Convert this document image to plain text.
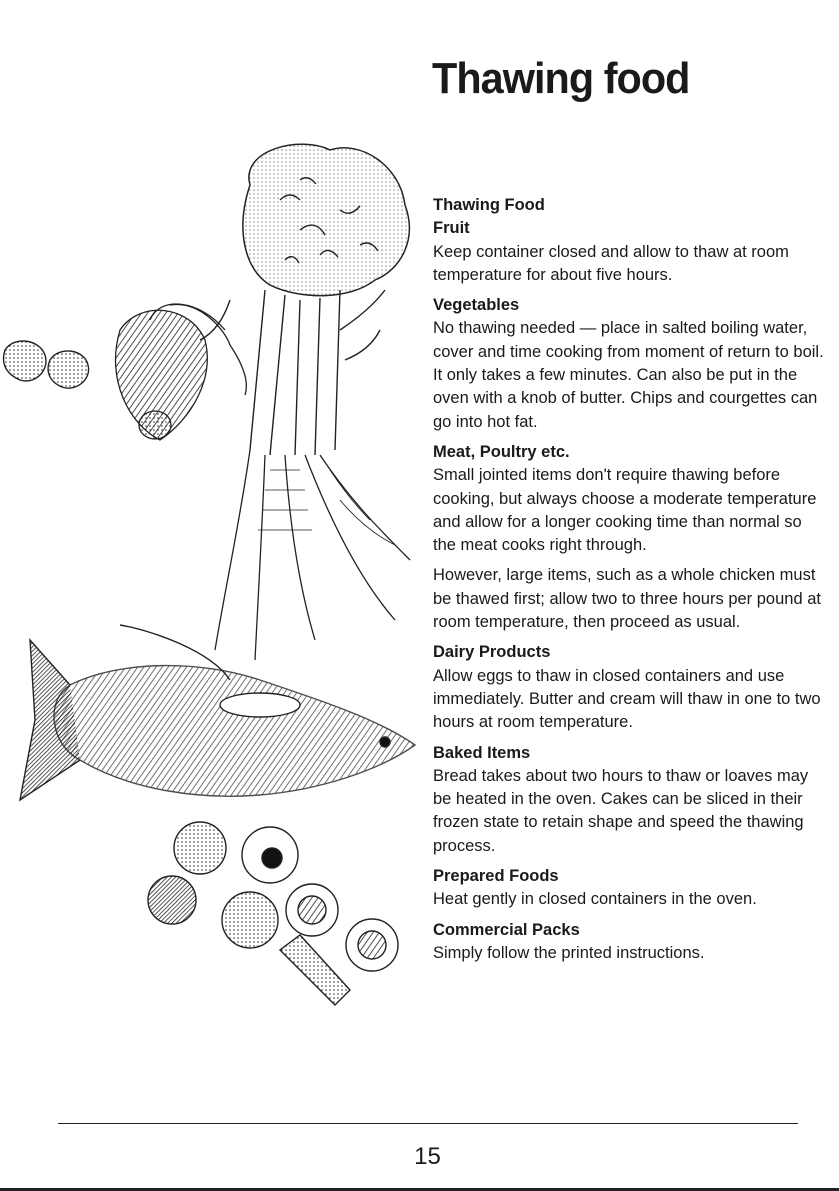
Thawing food
Thawing Food
Fruit

Keep container closed and allow to thaw at room temperature for about five hours.

Vegetables

No thawing needed — place in salted boiling water, cover and time cooking from moment of return to boil. It only takes a few minutes. Can also be put in the oven with a knob of butter. Chips and courgettes can go into hot fat.

Meat, Poultry etc.

Small jointed items don't require thawing before cooking, but always choose a moderate temperature and allow for a longer cooking time than normal so the meat cooks right through.

However, large items, such as a whole chicken must be thawed first; allow two to three hours per pound at room temperature, then proceed as usual.

Dairy Products

Allow eggs to thaw in closed containers and use immediately. Butter and cream will thaw in one to two hours at room temperature.

Baked Items

Bread takes about two hours to thaw or loaves may be heated in the oven. Cakes can be sliced in their frozen state to retain shape and speed the thawing process.

Prepared Foods

Heat gently in closed containers in the oven.

Commercial Packs

Simply follow the printed instructions.

15
